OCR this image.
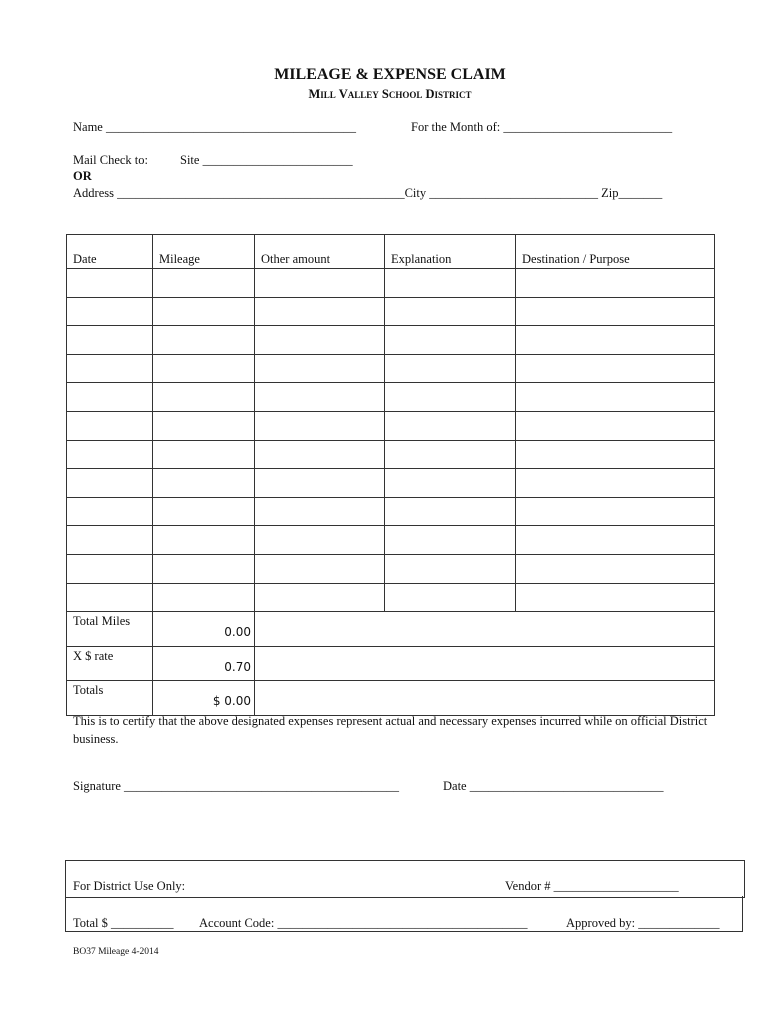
MILEAGE & EXPENSE CLAIM
Mill Valley School District
Name ________________________________________	For the Month of: ___________________________
Mail Check to:	Site ________________________
OR
Address ______________________________________________City ___________________________ Zip_______
Date	Mileage	Other amount	Explanation	Destination / Purpose

Total Miles	0.00			
X $ rate	0.70			
Totals	$ 0.00			
This is to certify that the above designated expenses represent actual and necessary expenses incurred while on official District business.
Signature ____________________________________________	Date _______________________________
For District Use Only:	Vendor # ____________________
Total $ __________ Account Code: ________________________________________	Approved by: _____________
BO37 Mileage 4-2014
